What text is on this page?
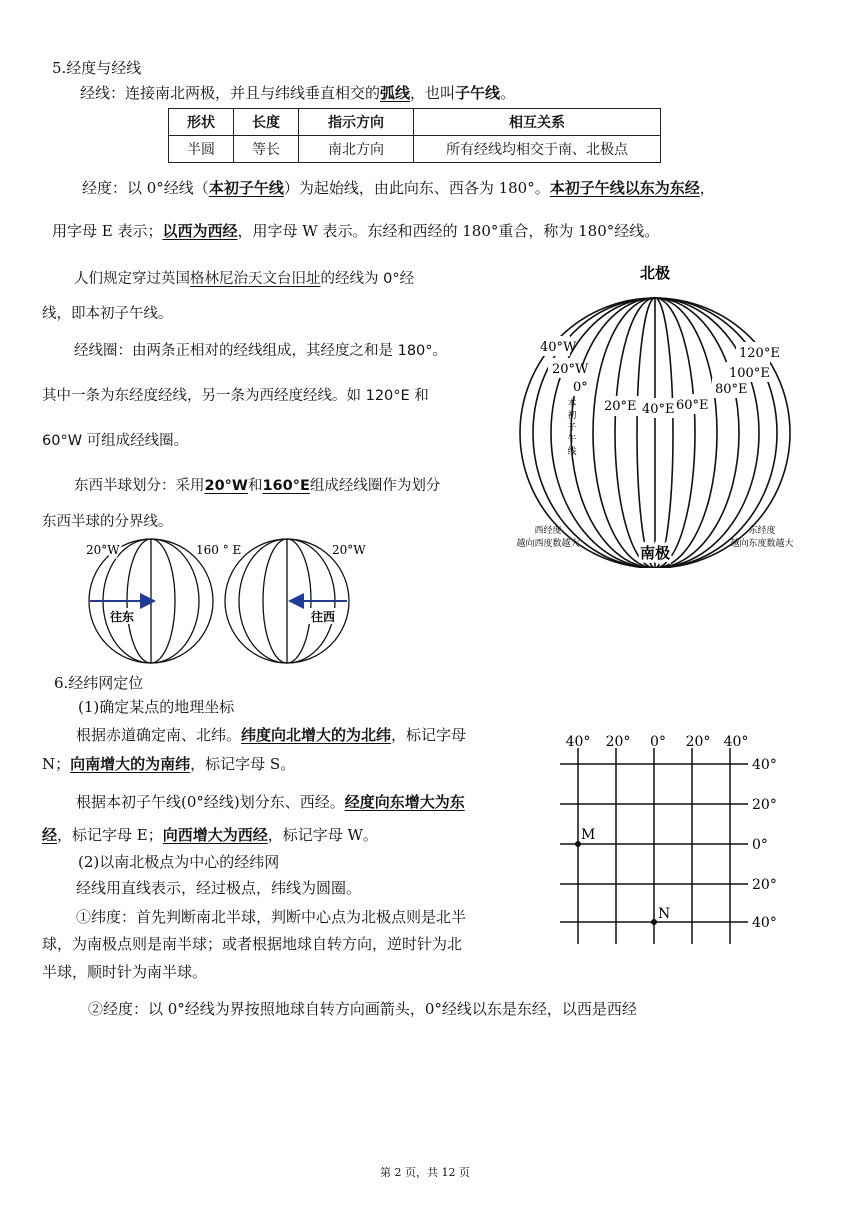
5.经度与经线
经线：连接南北两极，并且与纬线垂直相交的弧线，也叫子午线。
形状	长度	指示方向	相互关系
半圆	等长	南北方向	所有经线均相交于南、北极点
经度：以 0°经线（本初子午线）为起始线，由此向东、西各为 180°。本初子午线以东为东经，
用字母 E 表示；以西为西经，用字母 W 表示。东经和西经的 180°重合，称为 180°经线。
人们规定穿过英国格林尼治天文台旧址的经线为 0°经
线，即本初子午线。
经线圈：由两条正相对的经线组成，其经度之和是 180°。
其中一条为东经度经线，另一条为西经度经线。如 120°E 和
60°W 可组成经线圈。
东西半球划分：采用20°W和160°E组成经线圈作为划分
东西半球的分界线。
北极
南极
40°W
20°W
0°
20°E 40°E 60°E
80°E
100°E
120°E
本
初
子
午
线
西经度
越向西度数越大
东经度
越向东度数越大
往东
20°W	160 ° E
往西
20°W
6.经纬网定位
(1)确定某点的地理坐标
根据赤道确定南、北纬。纬度向北增大的为北纬，标记字母
N；向南增大的为南纬，标记字母 S。
根据本初子午线(0°经线)划分东、西经。经度向东增大为东
经，标记字母 E；向西增大为西经，标记字母 W。
(2)以南北极点为中心的经纬网
经线用直线表示，经过极点，纬线为圆圈。
①纬度：首先判断南北半球，判断中心点为北极点则是北半
球，为南极点则是南半球；或者根据地球自转方向，逆时针为北
半球，顺时针为南半球。
②经度：以 0°经线为界按照地球自转方向画箭头，0°经线以东是东经，以西是西经
40° 20° 0° 20° 40°
40°
20°
0°
20°
40°
M
N
第 2 页，共 12 页
